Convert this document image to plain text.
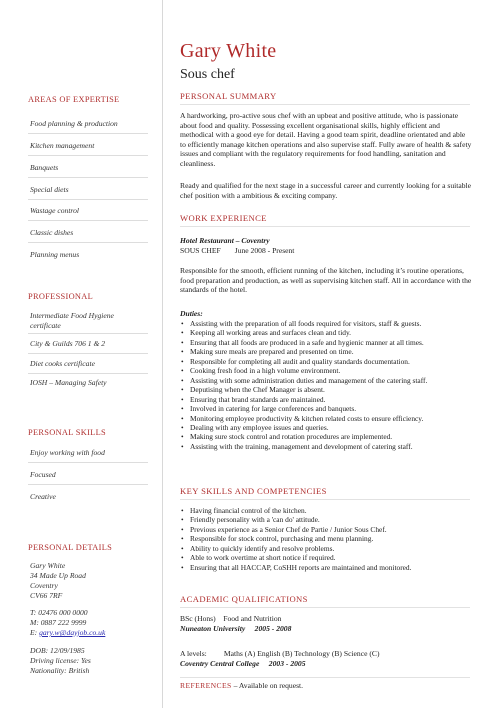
AREAS OF EXPERTISE
Food planning & production
Kitchen management
Banquets
Special diets
Wastage control
Classic dishes
Planning menus
PROFESSIONAL
Intermediate Food Hygiene certificate
City & Guilds 706 1 & 2
Diet cooks certificate
IOSH – Managing Safety
PERSONAL SKILLS
Enjoy working with food
Focused
Creative
PERSONAL DETAILS
Gary White
34 Made Up Road
Coventry
CV66 7RF
T: 02476 000 0000
M: 0887 222 9999
E: gary.w@dayjob.co.uk
DOB: 12/09/1985
Driving license: Yes
Nationality: British
Gary White
Sous chef
PERSONAL SUMMARY
A hardworking, pro-active sous chef with an upbeat and positive attitude, who is passionate about food and quality. Possessing excellent organisational skills, highly efficient and methodical with a good eye for detail. Having a good team spirit, deadline orientated and able to efficiently manage kitchen operations and also supervise staff. Fully aware of health & safety issues and compliant with the regulatory requirements for food handling, sanitation and cleanliness.
Ready and qualified for the next stage in a successful career and currently looking for a suitable chef position with a ambitious & exciting company.
WORK EXPERIENCE
Hotel Restaurant – Coventry
SOUS CHEF June 2008 - Present
Responsible for the smooth, efficient running of the kitchen, including it’s routine operations, food preparation and production, as well as supervising kitchen staff. All in accordance with the standards of the hotel.
Duties:
• Assisting with the preparation of all foods required for visitors, staff & guests.
• Keeping all working areas and surfaces clean and tidy.
• Ensuring that all foods are produced in a safe and hygienic manner at all times.
• Making sure meals are prepared and presented on time.
• Responsible for completing all audit and quality standards documentation.
• Cooking fresh food in a high volume environment.
• Assisting with some administration duties and management of the catering staff.
• Deputising when the Chef Manager is absent.
• Ensuring that brand standards are maintained.
• Involved in catering for large conferences and banquets.
• Monitoring employee productivity & kitchen related costs to ensure efficiency.
• Dealing with any employee issues and queries.
• Making sure stock control and rotation procedures are implemented.
• Assisting with the training, management and development of catering staff.
KEY SKILLS AND COMPETENCIES
• Having financial control of the kitchen.
• Friendly personality with a 'can do' attitude.
• Previous experience as a Senior Chef de Partie / Junior Sous Chef.
• Responsible for stock control, purchasing and menu planning.
• Ability to quickly identify and resolve problems.
• Able to work overtime at short notice if required.
• Ensuring that all HACCAP, CoSHH reports are maintained and monitored.
ACADEMIC QUALIFICATIONS
BSc (Hons)    Food and Nutrition
Nuneaton University     2005 - 2008
A levels:         Maths (A) English (B) Technology (B) Science (C)
Coventry Central College     2003 - 2005
REFERENCES – Available on request.
